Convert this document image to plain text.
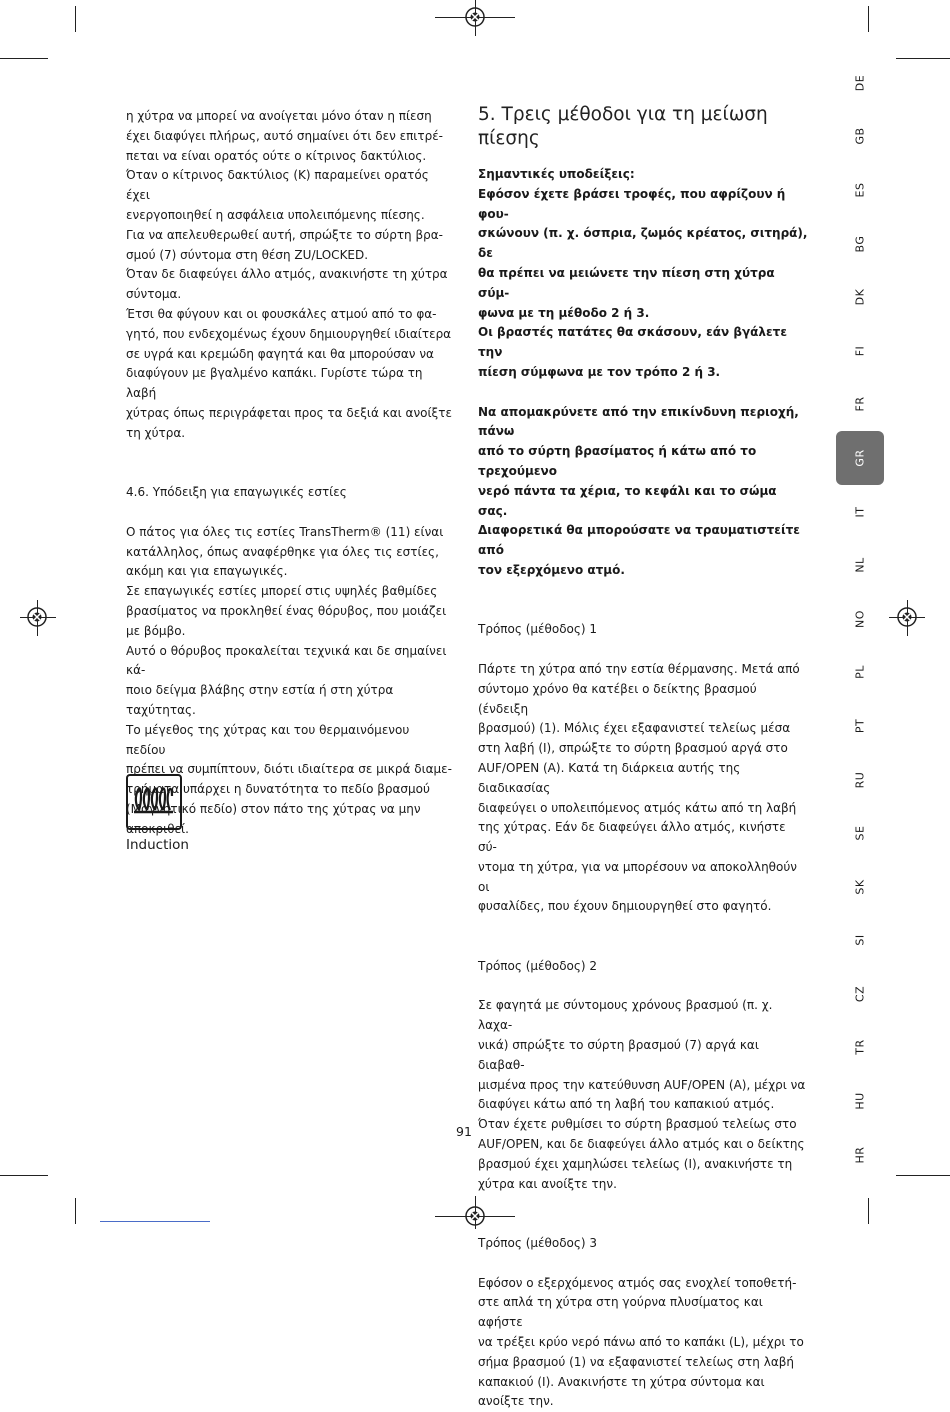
η χύτρα να μπορεί να ανοίγεται μόνο όταν η πίεση

έχει διαφύγει πλήρως, αυτό σημαίνει ότι δεν επιτρέ-

πεται να είναι ορατός ούτε ο κίτρινος δακτύλιος.

Όταν ο κίτρινος δακτύλιος (K) παραμείνει ορατός έχει

ενεργοποιηθεί η ασφάλεια υπολειπόμενης πίεσης.

Για να απελευθερωθεί αυτή, σπρώξτε το σύρτη βρα-

σμού (7) σύντομα στη θέση ZU/LOCKED.

Όταν δε διαφεύγει άλλο ατμός, ανακινήστε τη χύτρα

σύντομα.

Έτσι θα φύγουν και οι φουσκάλες ατμού από το φα-

γητό, που ενδεχομένως έχουν δημιουργηθεί ιδιαίτερα

σε υγρά και κρεμώδη φαγητά και θα μπορούσαν να

διαφύγουν με βγαλμένο καπάκι. Γυρίστε τώρα τη λαβή

χύτρας όπως περιγράφεται προς τα δεξιά και ανοίξτε

τη χύτρα.

4.6. Υπόδειξη για επαγωγικές εστίες

Ο πάτος για όλες τις εστίες TransTherm® (11) είναι

κατάλληλος, όπως αναφέρθηκε για όλες τις εστίες,

ακόμη και για επαγωγικές.

Σε επαγωγικές εστίες μπορεί στις υψηλές βαθμίδες

βρασίματος να προκληθεί ένας θόρυβος, που μοιάζει

με βόμβο.

Αυτό ο θόρυβος προκαλείται τεχνικά και δε σημαίνει κά-

ποιο δείγμα βλάβης στην εστία ή στη χύτρα ταχύτητας.

Το μέγεθος της χύτρας και του θερμαινόμενου πεδίου

πρέπει να συμπίπτουν, διότι ιδιαίτερα σε μικρά διαμε-

τρήματα υπάρχει η δυνατότητα το πεδίο βρασμού

(Μαγνητικό πεδίο) στον πάτο της χύτρας να μην

αποκριθεί.

Induction
5. Τρεις μέθοδοι για τη μείωση πίεσης

Σημαντικές υποδείξεις:

Εφόσον έχετε βράσει τροφές, που αφρίζουν ή φου-

σκώνουν (π. χ. όσπρια, ζωμός κρέατος, σιτηρά), δε

θα πρέπει να μειώνετε την πίεση στη χύτρα σύμ-

φωνα με τη μέθοδο 2 ή 3.

Οι βραστές πατάτες θα σκάσουν, εάν βγάλετε την

πίεση σύμφωνα με τον τρόπο 2 ή 3.

Να απομακρύνετε από την επικίνδυνη περιοχή, πάνω

από το σύρτη βρασίματος ή κάτω από το τρεχούμενο

νερό πάντα τα χέρια, το κεφάλι και το σώμα σας.

Διαφορετικά θα μπορούσατε να τραυματιστείτε από

τον εξερχόμενο ατμό.

Τρόπος (μέθοδος) 1

Πάρτε τη χύτρα από την εστία θέρμανσης. Μετά από

σύντομο χρόνο θα κατέβει ο δείκτης βρασμού (ένδειξη

βρασμού) (1). Μόλις έχει εξαφανιστεί τελείως μέσα

στη λαβή (I), σπρώξτε το σύρτη βρασμού αργά στο

AUF/OPEN (A). Κατά τη διάρκεια αυτής της διαδικασίας

διαφεύγει ο υπολειπόμενος ατμός κάτω από τη λαβή

της χύτρας. Εάν δε διαφεύγει άλλο ατμός, κινήστε σύ-

ντομα τη χύτρα, για να μπορέσουν να αποκολληθούν οι

φυσαλίδες, που έχουν δημιουργηθεί στο φαγητό.

Τρόπος (μέθοδος) 2

Σε φαγητά με σύντομους χρόνους βρασμού (π. χ. λαχα-

νικά) σπρώξτε το σύρτη βρασμού (7) αργά και διαβαθ-

μισμένα προς την κατεύθυνση AUF/OPEN (A), μέχρι να

διαφύγει κάτω από τη λαβή του καπακιού ατμός.

Όταν έχετε ρυθμίσει το σύρτη βρασμού τελείως στο

AUF/OPEN, και δε διαφεύγει άλλο ατμός και ο δείκτης

βρασμού έχει χαμηλώσει τελείως (I), ανακινήστε τη

χύτρα και ανοίξτε την.

Τρόπος (μέθοδος) 3

Εφόσον ο εξερχόμενος ατμός σας ενοχλεί τοποθετή-

στε απλά τη χύτρα στη γούρνα πλυσίματος και αφήστε

να τρέξει κρύο νερό πάνω από το καπάκι (L), μέχρι το

σήμα βρασμού (1) να εξαφανιστεί τελείως στη λαβή

καπακιού (I). Ανακινήστε τη χύτρα σύντομα και

ανοίξτε την.

DE
GB
ES
BG
DK
FI
FR
GR
IT
NL
NO
PL
PT
RU
SE
SK
SI
CZ
TR
HU
HR
91
